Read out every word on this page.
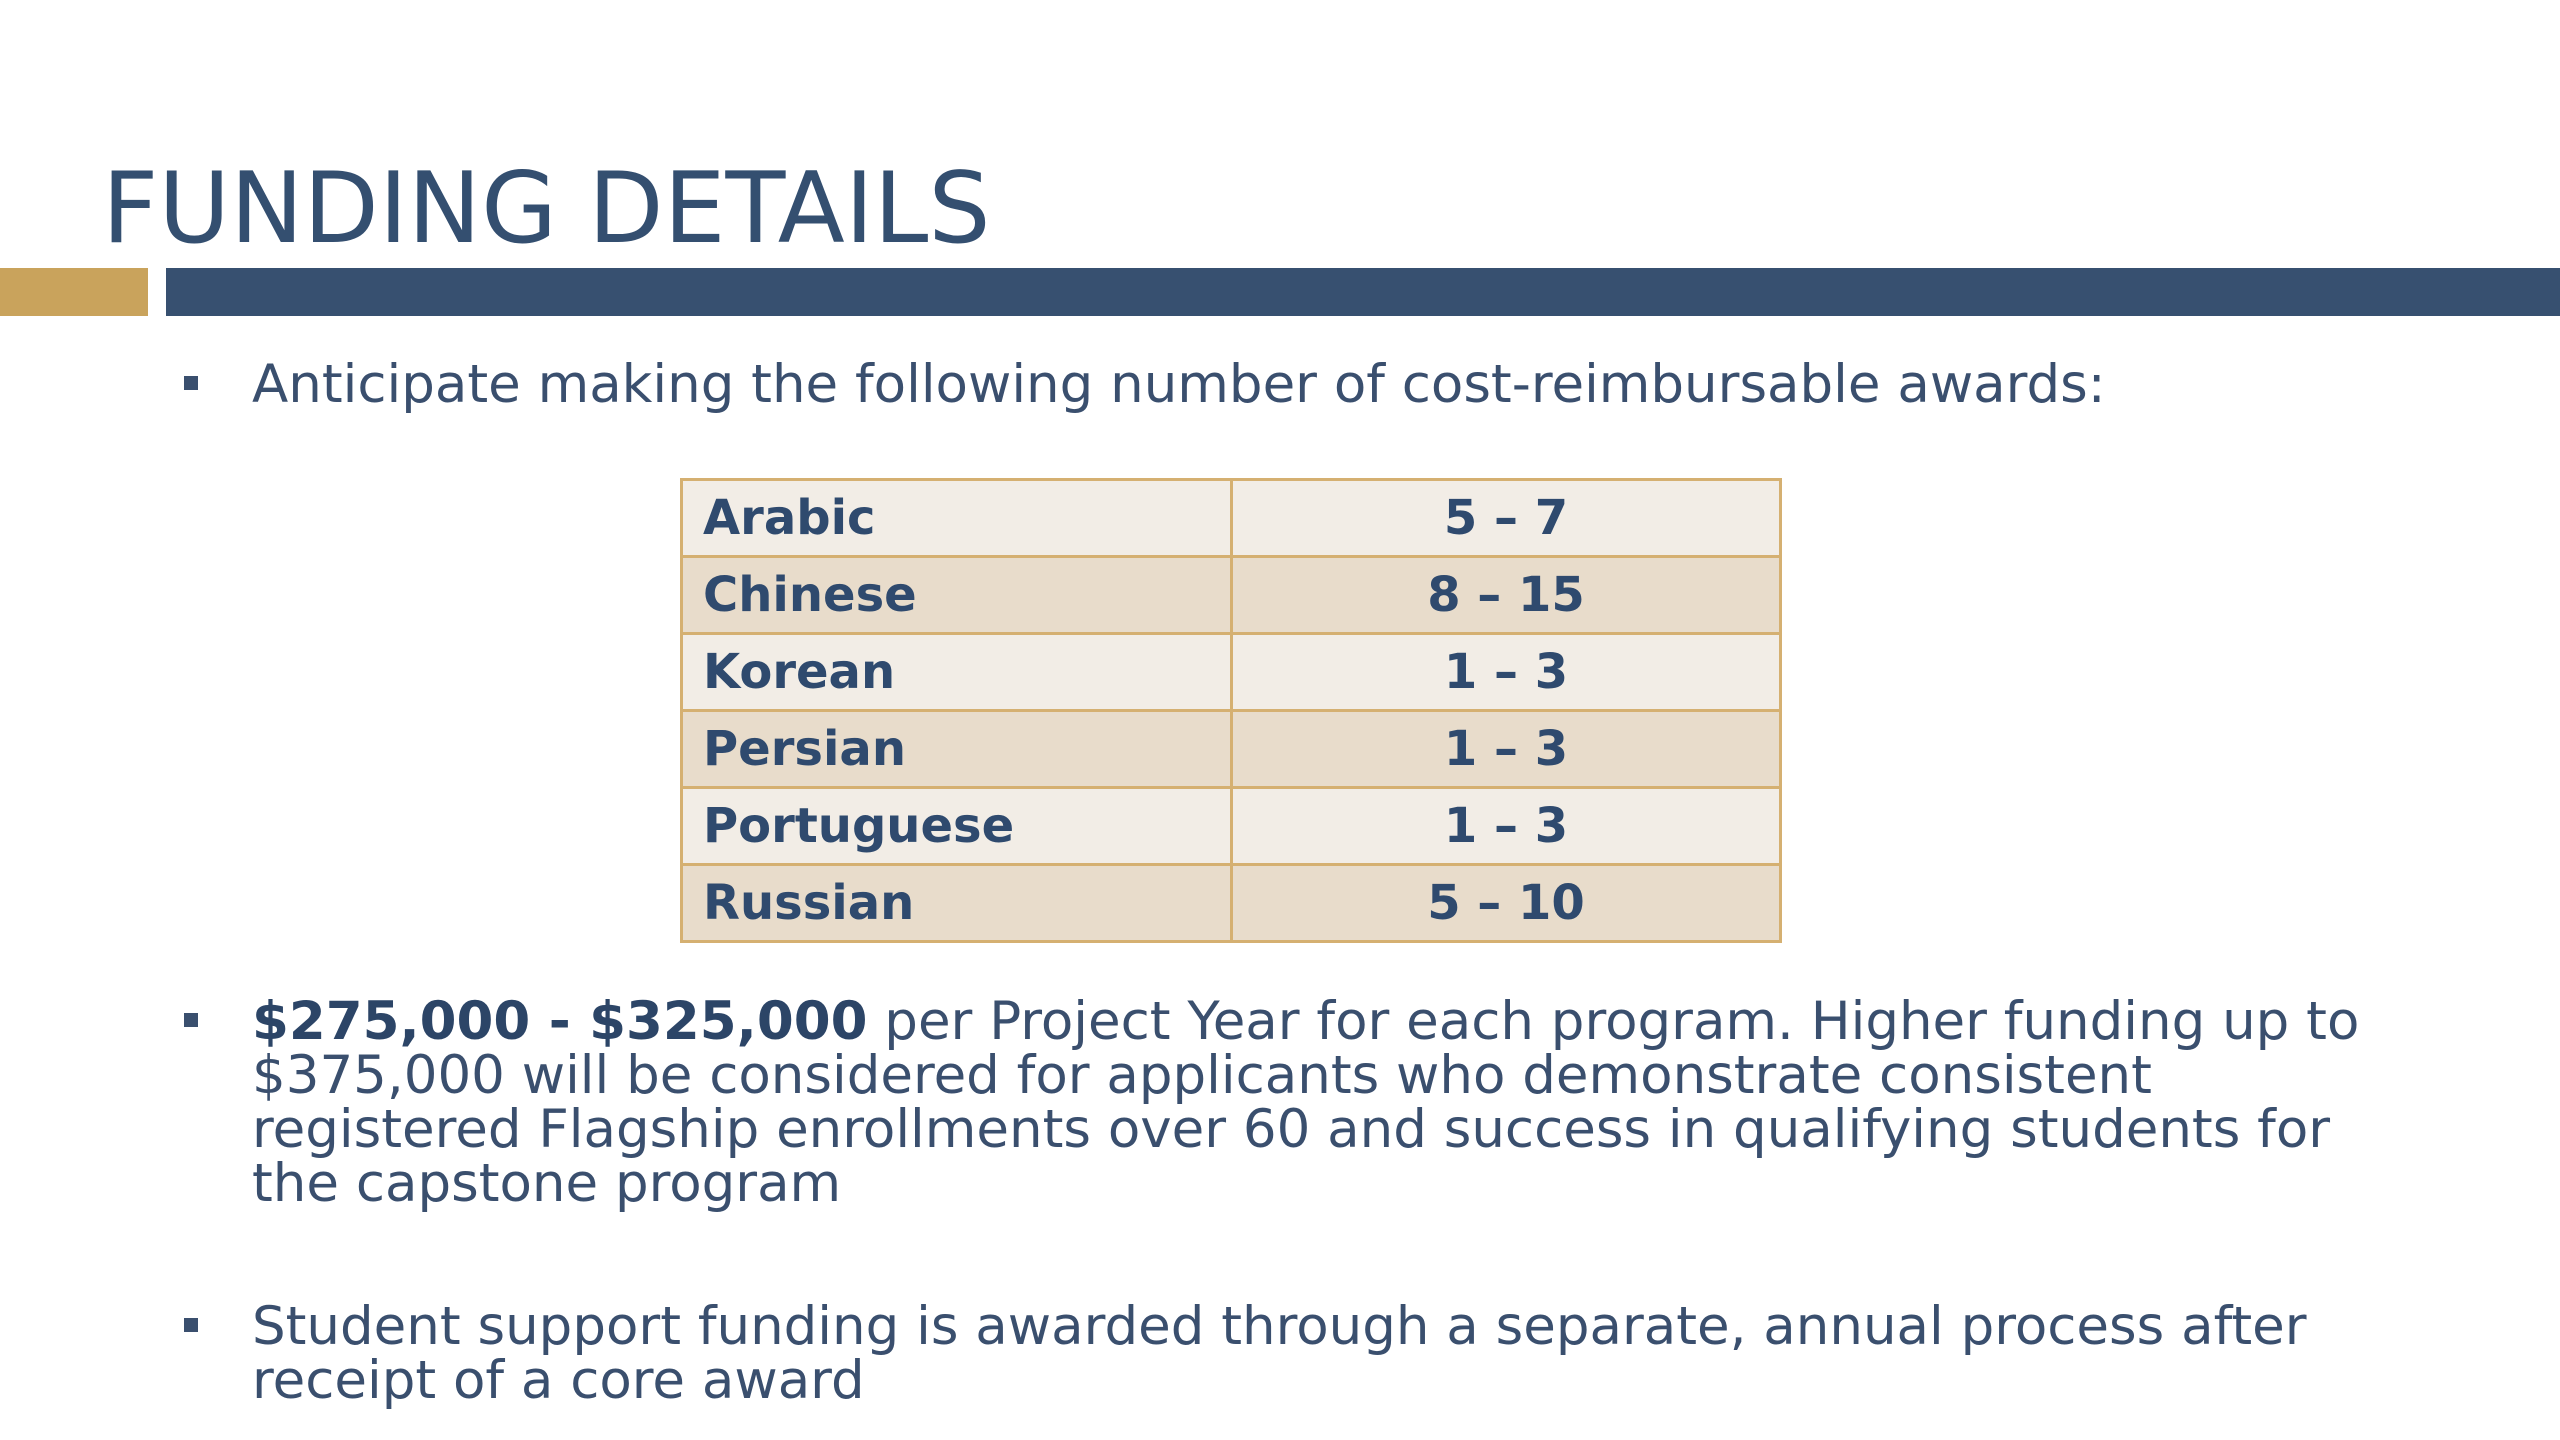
FUNDING DETAILS
Anticipate making the following number of cost-reimbursable awards:
Arabic	5 – 7
Chinese	8 – 15
Korean	1 – 3
Persian	1 – 3
Portuguese	1 – 3
Russian	5 – 10
$275,000 - $325,000 per Project Year for each program. Higher funding up to $375,000 will be considered for applicants who demonstrate consistent registered Flagship enrollments over 60 and success in qualifying students for the capstone program
Student support funding is awarded through a separate, annual process after receipt of a core award
